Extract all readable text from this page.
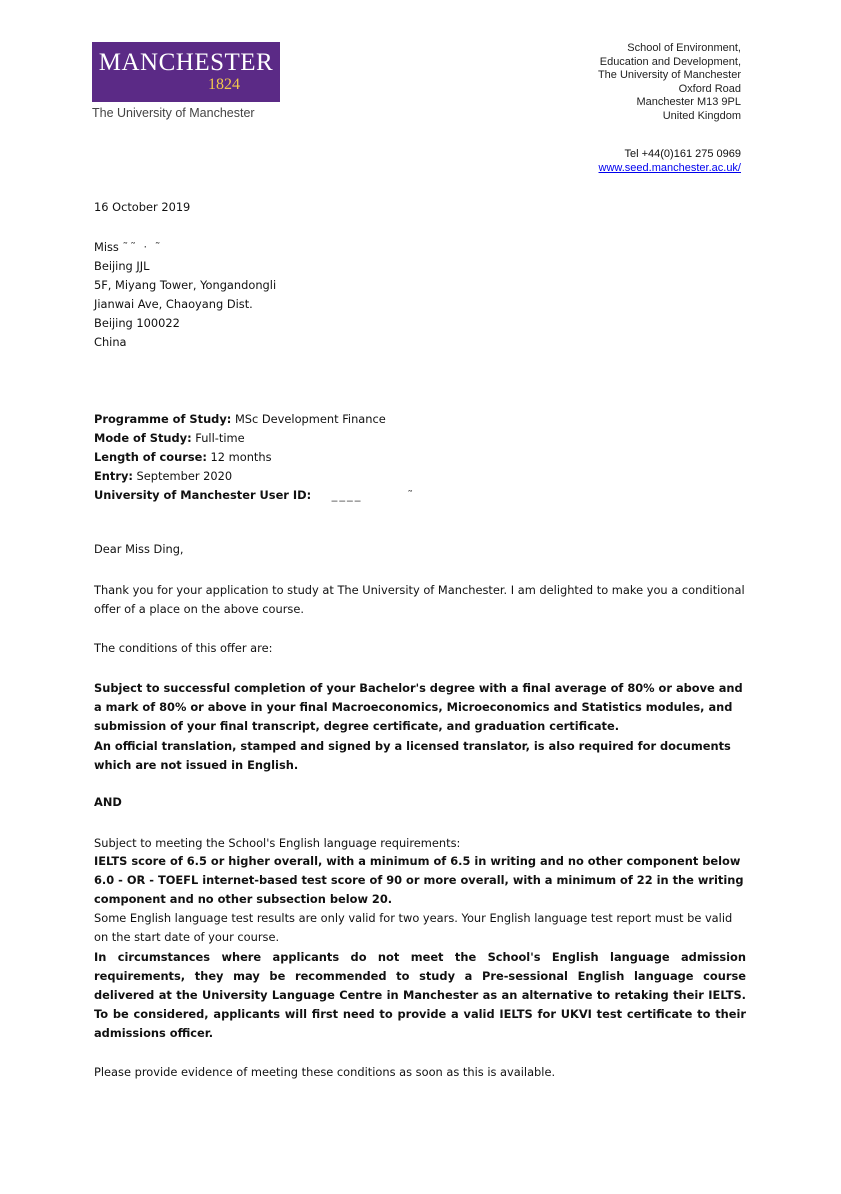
MANCHESTER
1824
The University of Manchester
School of Environment,
Education and Development,
The University of Manchester
Oxford Road
Manchester M13 9PL
United Kingdom
Tel +44(0)161 275 0969
www.seed.manchester.ac.uk/
16 October 2019
Miss ˜˜ · ˜
Beijing JJL
5F, Miyang Tower, Yongandongli
Jianwai Ave, Chaoyang Dist.
Beijing 100022
China
Programme of Study: MSc Development Finance
Mode of Study: Full-time
Length of course: 12 months
Entry: September 2020
University of Manchester User ID:    ____        ˜
Dear Miss Ding,
Thank you for your application to study at The University of Manchester. I am delighted to make you a conditional offer of a place on the above course.
The conditions of this offer are:
Subject to successful completion of your Bachelor's degree with a final average of 80% or above and a mark of 80% or above in your final Macroeconomics, Microeconomics and Statistics modules, and submission of your final transcript, degree certificate, and graduation certificate.
An official translation, stamped and signed by a licensed translator, is also required for documents which are not issued in English.
AND
Subject to meeting the School's English language requirements:
IELTS score of 6.5 or higher overall, with a minimum of 6.5 in writing and no other component below 6.0 - OR - TOEFL internet-based test score of 90 or more overall, with a minimum of 22 in the writing component and no other subsection below 20.
Some English language test results are only valid for two years. Your English language test report must be valid on the start date of your course.
In circumstances where applicants do not meet the School's English language admission requirements, they may be recommended to study a Pre-sessional English language course delivered at the University Language Centre in Manchester as an alternative to retaking their IELTS. To be considered, applicants will first need to provide a valid IELTS for UKVI test certificate to their admissions officer.
Please provide evidence of meeting these conditions as soon as this is available.
